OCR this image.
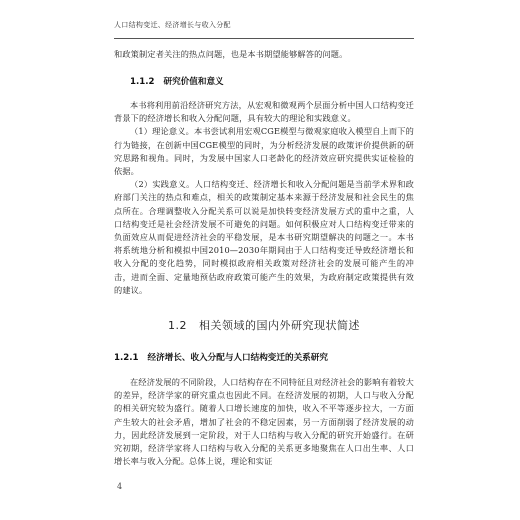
人口结构变迁、经济增长与收入分配

和政策制定者关注的热点问题，也是本书期望能够解答的问题。

1.1.2 研究价值和意义

本书将利用前沿经济研究方法，从宏观和微观两个层面分析中国人口结构变迁背景下的经济增长和收入分配问题，具有较大的理论和实践意义。

（1）理论意义。本书尝试利用宏观CGE模型与微观家庭收入模型自上而下的行为链接，在创新中国CGE模型的同时，为分析经济发展的政策评价提供新的研究思路和视角。同时，为发展中国家人口老龄化的经济效应研究提供实证检验的依据。

（2）实践意义。人口结构变迁、经济增长和收入分配问题是当前学术界和政府部门关注的热点和难点，相关的政策制定基本来源于经济发展和社会民生的焦点所在。合理调整收入分配关系可以说是加快转变经济发展方式的重中之重，人口结构变迁是社会经济发展不可避免的问题。如何积极应对人口结构变迁带来的负面效应从而促进经济社会的平稳发展，是本书研究期望解决的问题之一。本书将系统地分析和模拟中国2010—2030年期间由于人口结构变迁导致经济增长和收入分配的变化趋势，同时模拟政府相关政策对经济社会的发展可能产生的冲击，进而全面、定量地预估政府政策可能产生的效果，为政府制定政策提供有效的建议。

1.2 相关领域的国内外研究现状简述

1.2.1 经济增长、收入分配与人口结构变迁的关系研究

在经济发展的不同阶段，人口结构存在不同特征且对经济社会的影响有着较大的差异，经济学家的研究重点也因此不同。在经济发展的初期，人口与收入分配的相关研究较为盛行。随着人口增长速度的加快，收入不平等逐步拉大，一方面产生较大的社会矛盾，增加了社会的不稳定因素，另一方面削弱了经济发展的动力，因此经济发展到一定阶段，对于人口结构与收入分配的研究开始盛行。在研究初期，经济学家将人口结构与收入分配的关系更多地聚焦在人口出生率、人口增长率与收入分配。总体上说，理论和实证

4
